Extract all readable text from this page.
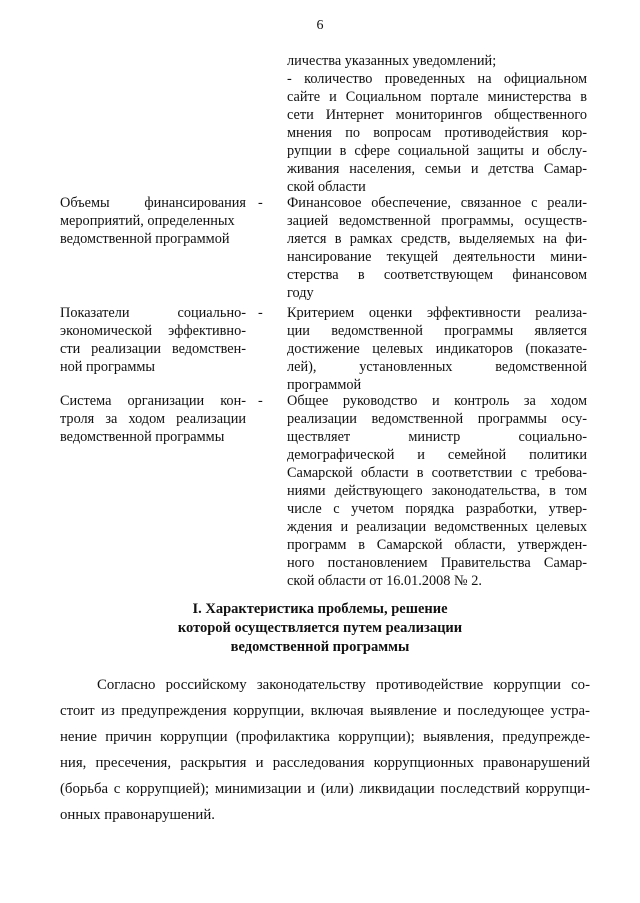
6
личества указанных уведомлений;
- количество проведенных на официальном
сайте и Социальном портале министерства в
сети Интернет мониторингов общественного
мнения по вопросам противодействия кор-
рупции в сфере социальной защиты и обслу-
живания населения, семьи и детства Самар-
ской области
Объемы финансирования
мероприятий, определенных
ведомственной программой
- Финансовое обеспечение, связанное с реали-
зацией ведомственной программы, осуществ-
ляется в рамках средств, выделяемых на фи-
нансирование текущей деятельности мини-
стерства в соответствующем финансовом
году
Показатели социально-
экономической эффективно-
сти реализации ведомствен-
ной программы
- Критерием оценки эффективности реализа-
ции ведомственной программы является
достижение целевых индикаторов (показате-
лей), установленных ведомственной
программой
Система организации кон-
троля за ходом реализации
ведомственной программы
- Общее руководство и контроль за ходом
реализации ведомственной программы осу-
ществляет министр социально-
демографической и семейной политики
Самарской области в соответствии с требова-
ниями действующего законодательства, в том
числе с учетом порядка разработки, утвер-
ждения и реализации ведомственных целевых
программ в Самарской области, утвержден-
ного постановлением Правительства Самар-
ской области от 16.01.2008 № 2.
I. Характеристика проблемы, решение
которой осуществляется путем реализации
ведомственной программы
Согласно российскому законодательству противодействие коррупции со-
стоит из предупреждения коррупции, включая выявление и последующее устра-
нение причин коррупции (профилактика коррупции); выявления, предупрежде-
ния, пресечения, раскрытия и расследования коррупционных правонарушений
(борьба с коррупцией); минимизации и (или) ликвидации последствий коррупци-
онных правонарушений.
